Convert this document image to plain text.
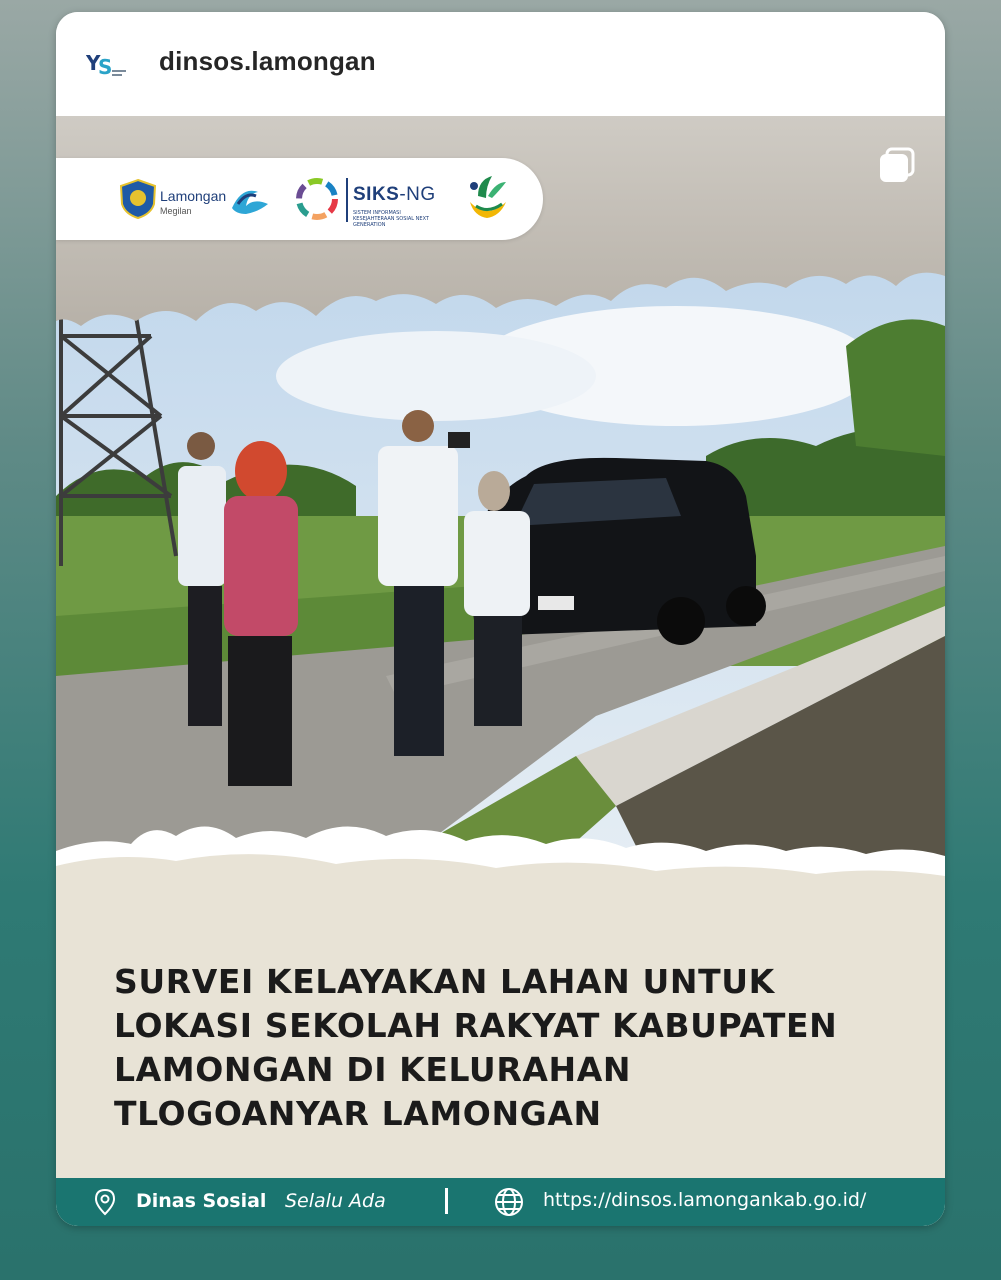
Y
S dinsos.lamongan
Lamongan
Megilan
SIKS-NG
SISTEM INFORMASI KESEJAHTERAAN SOSIAL NEXT GENERATION
SURVEI KELAYAKAN LAHAN UNTUK
LOKASI SEKOLAH RAKYAT KABUPATEN
LAMONGAN DI KELURAHAN
TLOGOANYAR LAMONGAN
Dinas Sosial Selalu Ada	https://dinsos.lamongankab.go.id/
